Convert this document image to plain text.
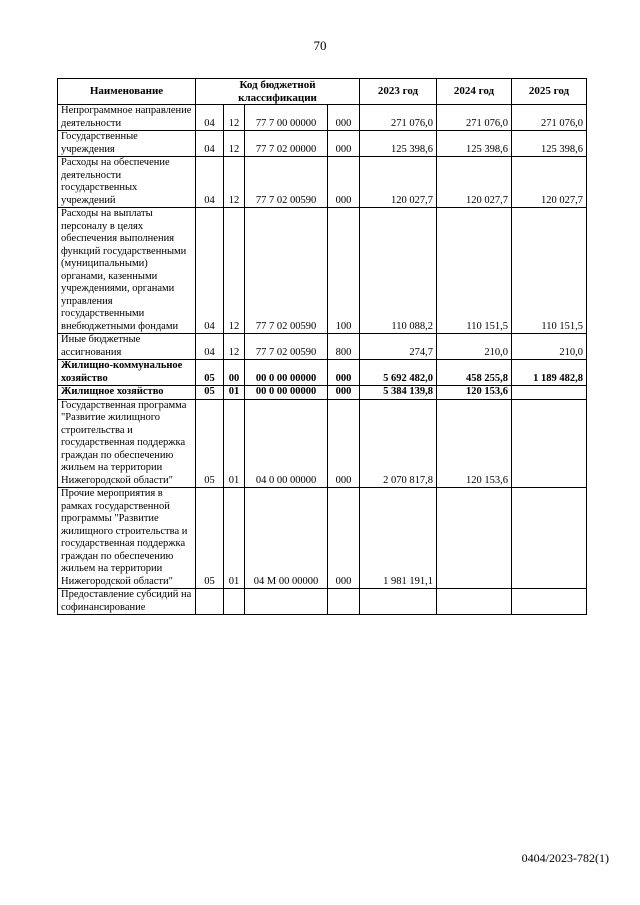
70
Наименование	Код бюджетной классификации				2023 год	2024 год	2025 год
Непрограммное направление деятельности	04	12	77 7 00 00000	000	271 076,0	271 076,0	271 076,0
Государственные учреждения	04	12	77 7 02 00000	000	125 398,6	125 398,6	125 398,6
Расходы на обеспечение деятельности государственных учреждений	04	12	77 7 02 00590	000	120 027,7	120 027,7	120 027,7
Расходы на выплаты персоналу в целях обеспечения выполнения функций государственными (муниципальными) органами, казенными учреждениями, органами управления государственными внебюджетными фондами	04	12	77 7 02 00590	100	110 088,2	110 151,5	110 151,5
Иные бюджетные ассигнования	04	12	77 7 02 00590	800	274,7	210,0	210,0
Жилищно-коммунальное хозяйство	05	00	00 0 00 00000	000	5 692 482,0	458 255,8	1 189 482,8
Жилищное хозяйство	05	01	00 0 00 00000	000	5 384 139,8	120 153,6	
Государственная программа "Развитие жилищного строительства и государственная поддержка граждан по обеспечению жильем на территории Нижегородской области"	05	01	04 0 00 00000	000	2 070 817,8	120 153,6	
Прочие мероприятия в рамках государственной программы "Развитие жилищного строительства и государственная поддержка граждан по обеспечению жильем на территории Нижегородской области"	05	01	04 М 00 00000	000	1 981 191,1		
Предоставление субсидий на софинансирование							
0404/2023-782(1)
